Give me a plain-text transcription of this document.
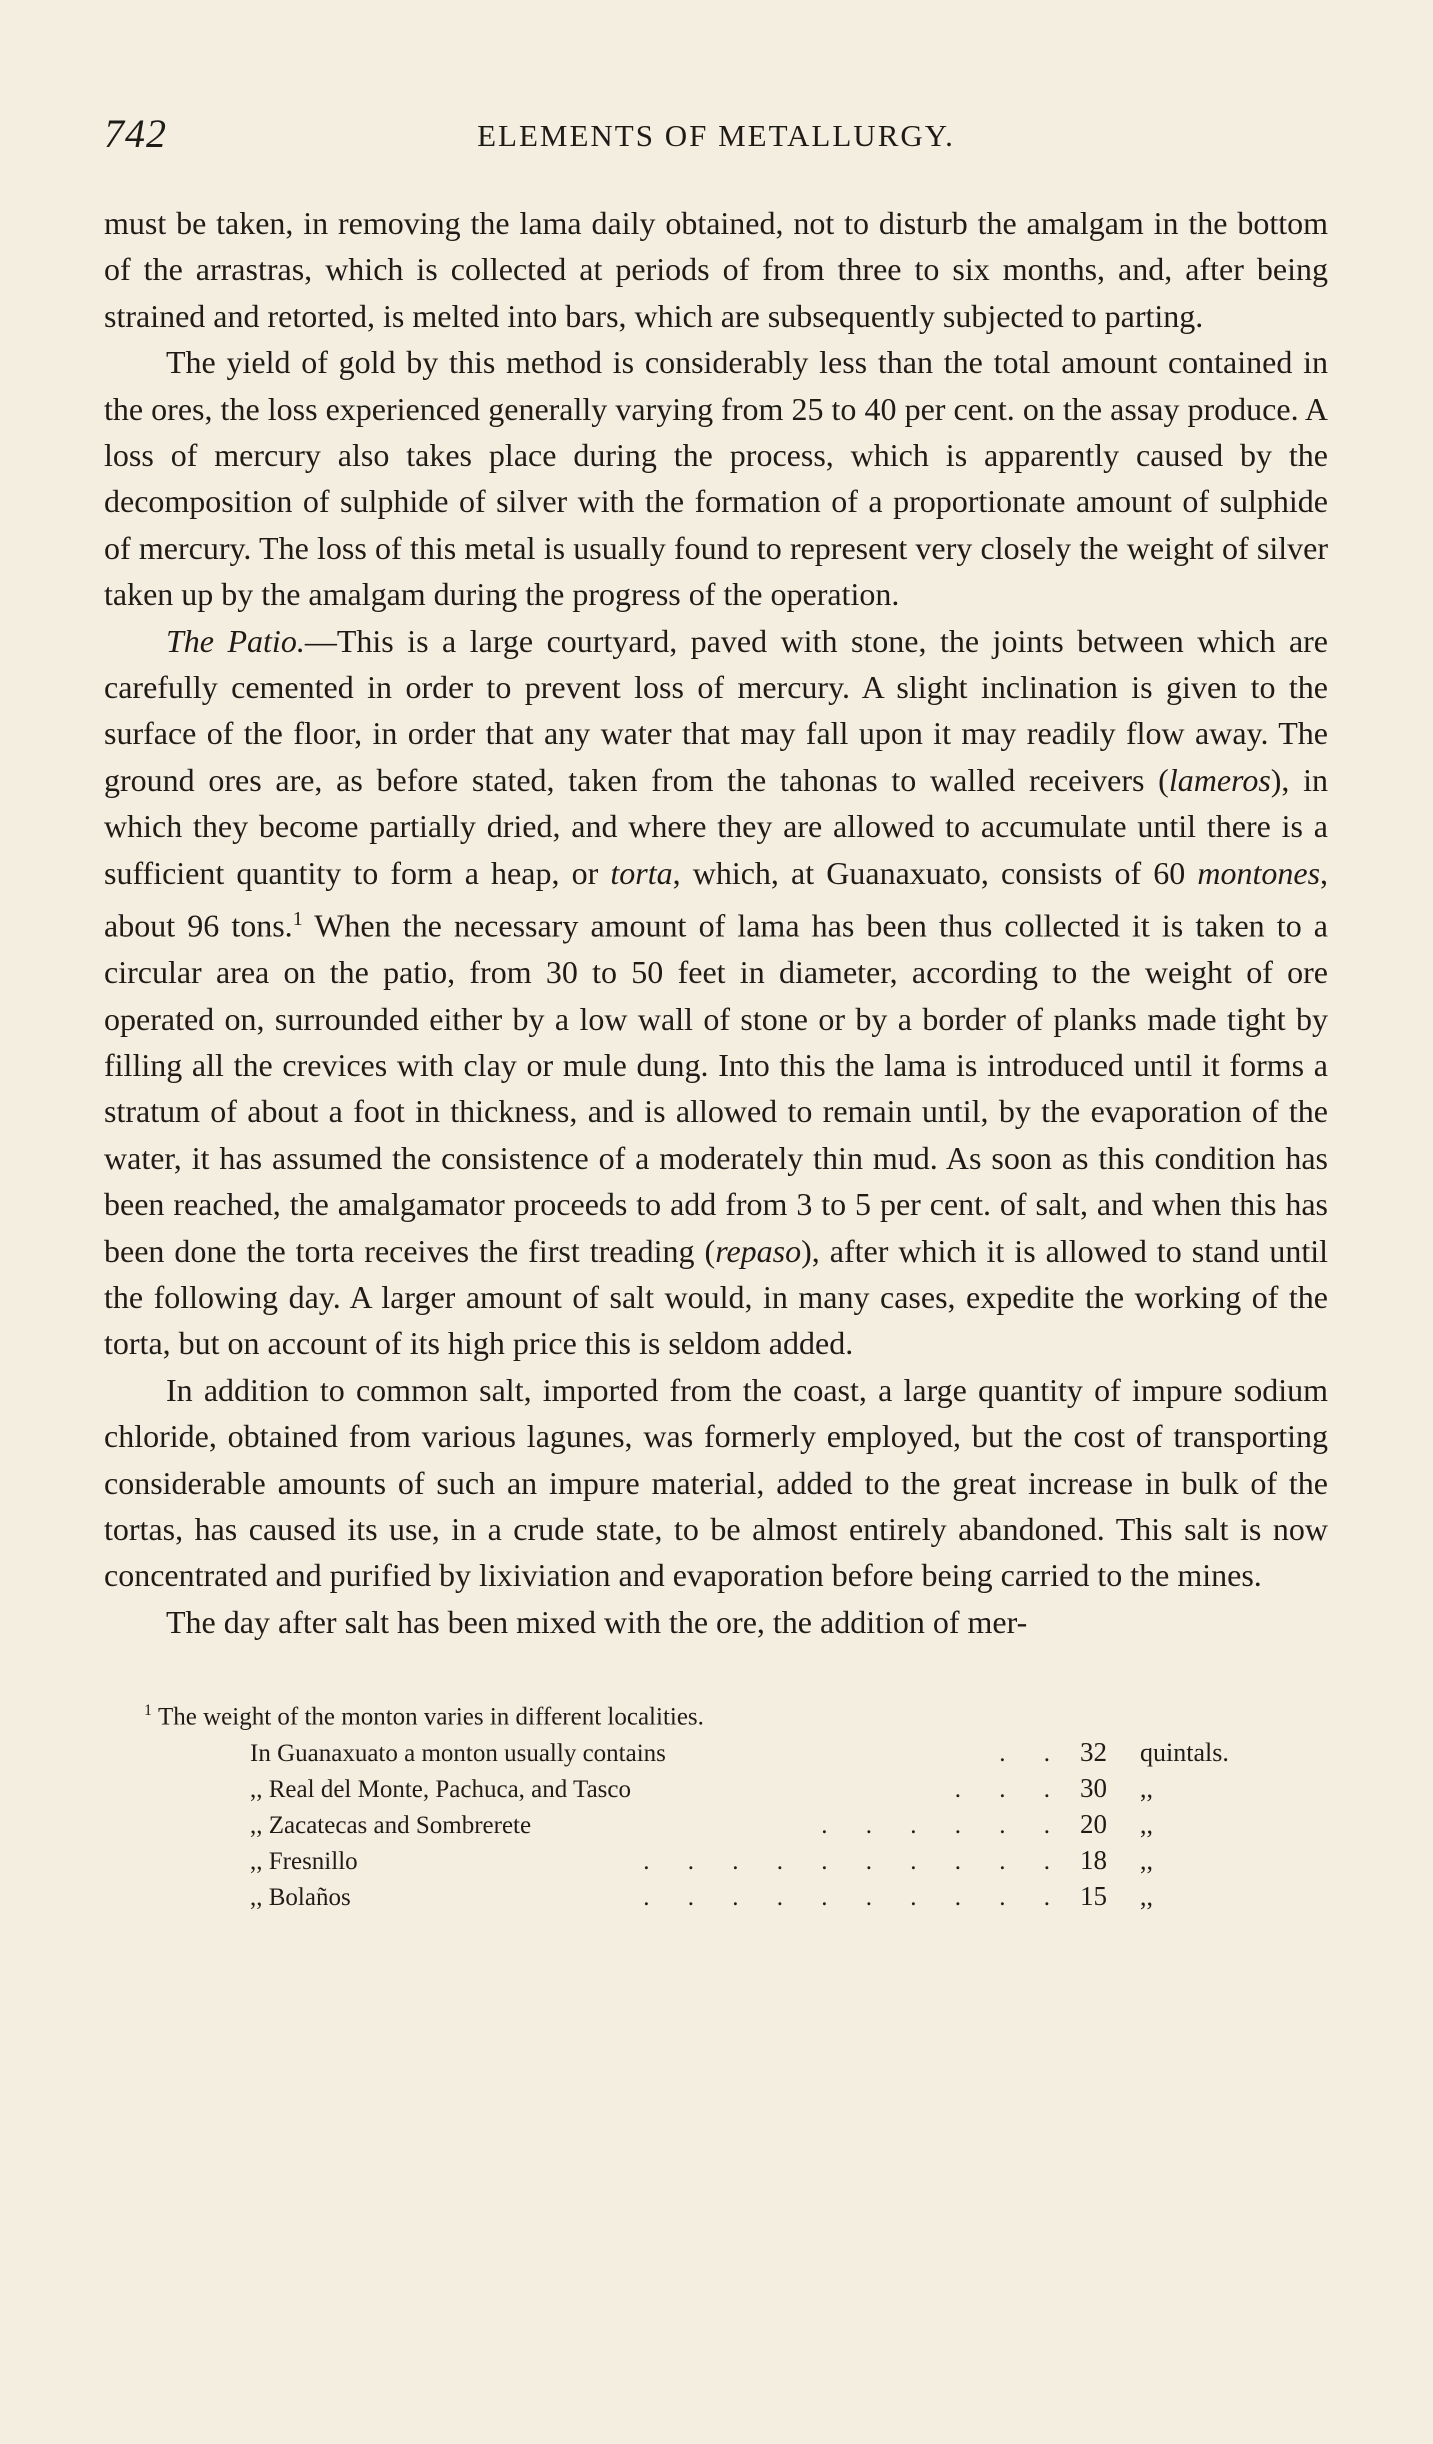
742	ELEMENTS OF METALLURGY.

must be taken, in removing the lama daily obtained, not to disturb the amalgam in the bottom of the arrastras, which is collected at periods of from three to six months, and, after being strained and retorted, is melted into bars, which are subsequently subjected to parting.

The yield of gold by this method is considerably less than the total amount contained in the ores, the loss experienced generally varying from 25 to 40 per cent. on the assay produce. A loss of mercury also takes place during the process, which is apparently caused by the decomposition of sulphide of silver with the formation of a proportionate amount of sulphide of mercury. The loss of this metal is usually found to represent very closely the weight of silver taken up by the amalgam during the progress of the operation.

The Patio.—This is a large courtyard, paved with stone, the joints between which are carefully cemented in order to prevent loss of mercury. A slight inclination is given to the surface of the floor, in order that any water that may fall upon it may readily flow away. The ground ores are, as before stated, taken from the tahonas to walled receivers (lameros), in which they become partially dried, and where they are allowed to accumulate until there is a sufficient quantity to form a heap, or torta, which, at Guanaxuato, consists of 60 montones, about 96 tons.$^1$ When the necessary amount of lama has been thus collected it is taken to a circular area on the patio, from 30 to 50 feet in diameter, according to the weight of ore operated on, surrounded either by a low wall of stone or by a border of planks made tight by filling all the crevices with clay or mule dung. Into this the lama is introduced until it forms a stratum of about a foot in thickness, and is allowed to remain until, by the evaporation of the water, it has assumed the consistence of a moderately thin mud. As soon as this condition has been reached, the amalgamator proceeds to add from 3 to 5 per cent. of salt, and when this has been done the torta receives the first treading (repaso), after which it is allowed to stand until the following day. A larger amount of salt would, in many cases, expedite the working of the torta, but on account of its high price this is seldom added.

In addition to common salt, imported from the coast, a large quantity of impure sodium chloride, obtained from various lagunes, was formerly employed, but the cost of transporting considerable amounts of such an impure material, added to the great increase in bulk of the tortas, has caused its use, in a crude state, to be almost entirely abandoned. This salt is now concentrated and purified by lixiviation and evaporation before being carried to the mines.

The day after salt has been mixed with the ore, the addition of mer-

$^1$ The weight of the monton varies in different localities.
In Guanaxuato a monton usually contains	. . 32	quintals.
,, Real del Monte, Pachuca, and Tasco	. . . 30	,,
,, Zacatecas and Sombrerete	. . . . . . 20	,,
,, Fresnillo	. . . . . . . . . . 18	,,
,, Bolaños	. . . . . . . . . . 15	,,
